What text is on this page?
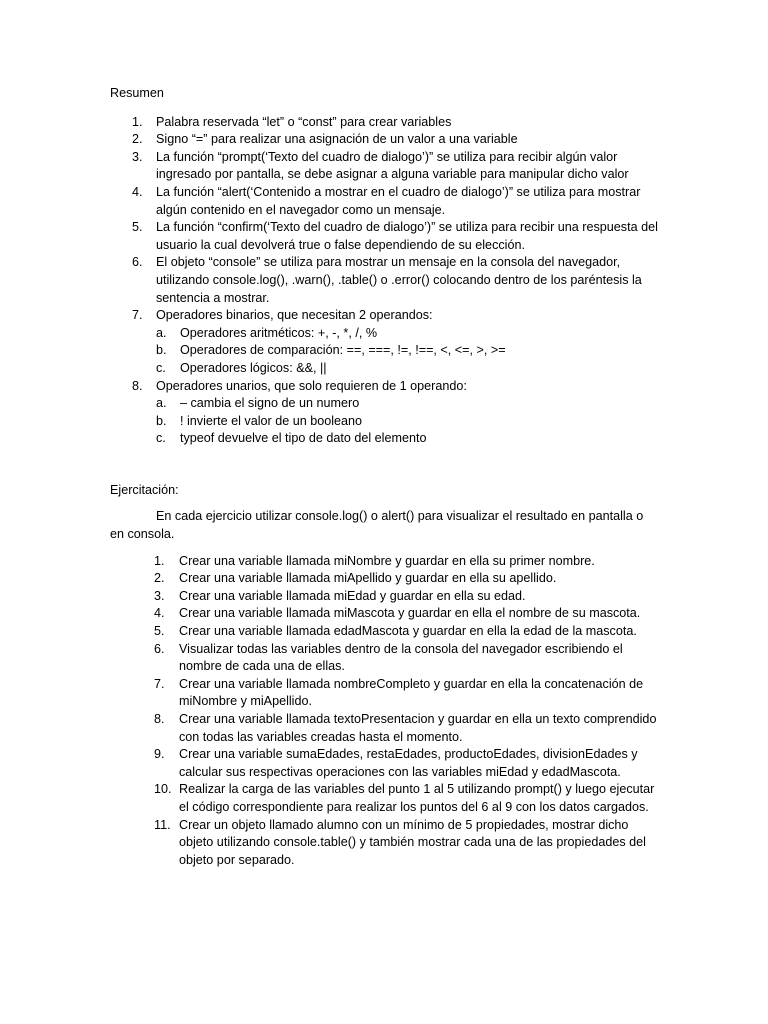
Resumen

1. Palabra reservada “let” o “const” para crear variables
2. Signo “=” para realizar una asignación de un valor a una variable
3. La función “prompt(‘Texto del cuadro de dialogo’)” se utiliza para recibir algún valor ingresado por pantalla, se debe asignar a alguna variable para manipular dicho valor
4. La función “alert(‘Contenido a mostrar en el cuadro de dialogo’)” se utiliza para mostrar algún contenido en el navegador como un mensaje.
5. La función “confirm(‘Texto del cuadro de dialogo’)” se utiliza para recibir una respuesta del usuario la cual devolverá true o false dependiendo de su elección.
6. El objeto “console” se utiliza para mostrar un mensaje en la consola del navegador, utilizando console.log(), .warn(), .table() o .error() colocando dentro de los paréntesis la sentencia a mostrar.
7. Operadores binarios, que necesitan 2 operandos:
a. Operadores aritméticos: +, -, *, /, %
b. Operadores de comparación: ==, ===, !=, !==, <, <=, >, >=
c. Operadores lógicos: &&, ||
8. Operadores unarios, que solo requieren de 1 operando:
a. – cambia el signo de un numero
b. ! invierte el valor de un booleano
c. typeof devuelve el tipo de dato del elemento

Ejercitación:

En cada ejercicio utilizar console.log() o alert() para visualizar el resultado en pantalla o en consola.

1. Crear una variable llamada miNombre y guardar en ella su primer nombre.
2. Crear una variable llamada miApellido y guardar en ella su apellido.
3. Crear una variable llamada miEdad y guardar en ella su edad.
4. Crear una variable llamada miMascota y guardar en ella el nombre de su mascota.
5. Crear una variable llamada edadMascota y guardar en ella la edad de la mascota.
6. Visualizar todas las variables dentro de la consola del navegador escribiendo el nombre de cada una de ellas.
7. Crear una variable llamada nombreCompleto y guardar en ella la concatenación de miNombre y miApellido.
8. Crear una variable llamada textoPresentacion y guardar en ella un texto comprendido con todas las variables creadas hasta el momento.
9. Crear una variable sumaEdades, restaEdades, productoEdades, divisionEdades y calcular sus respectivas operaciones con las variables miEdad y edadMascota.
10. Realizar la carga de las variables del punto 1 al 5 utilizando prompt() y luego ejecutar el código correspondiente para realizar los puntos del 6 al 9 con los datos cargados.
11. Crear un objeto llamado alumno con un mínimo de 5 propiedades, mostrar dicho objeto utilizando console.table() y también mostrar cada una de las propiedades del objeto por separado.
